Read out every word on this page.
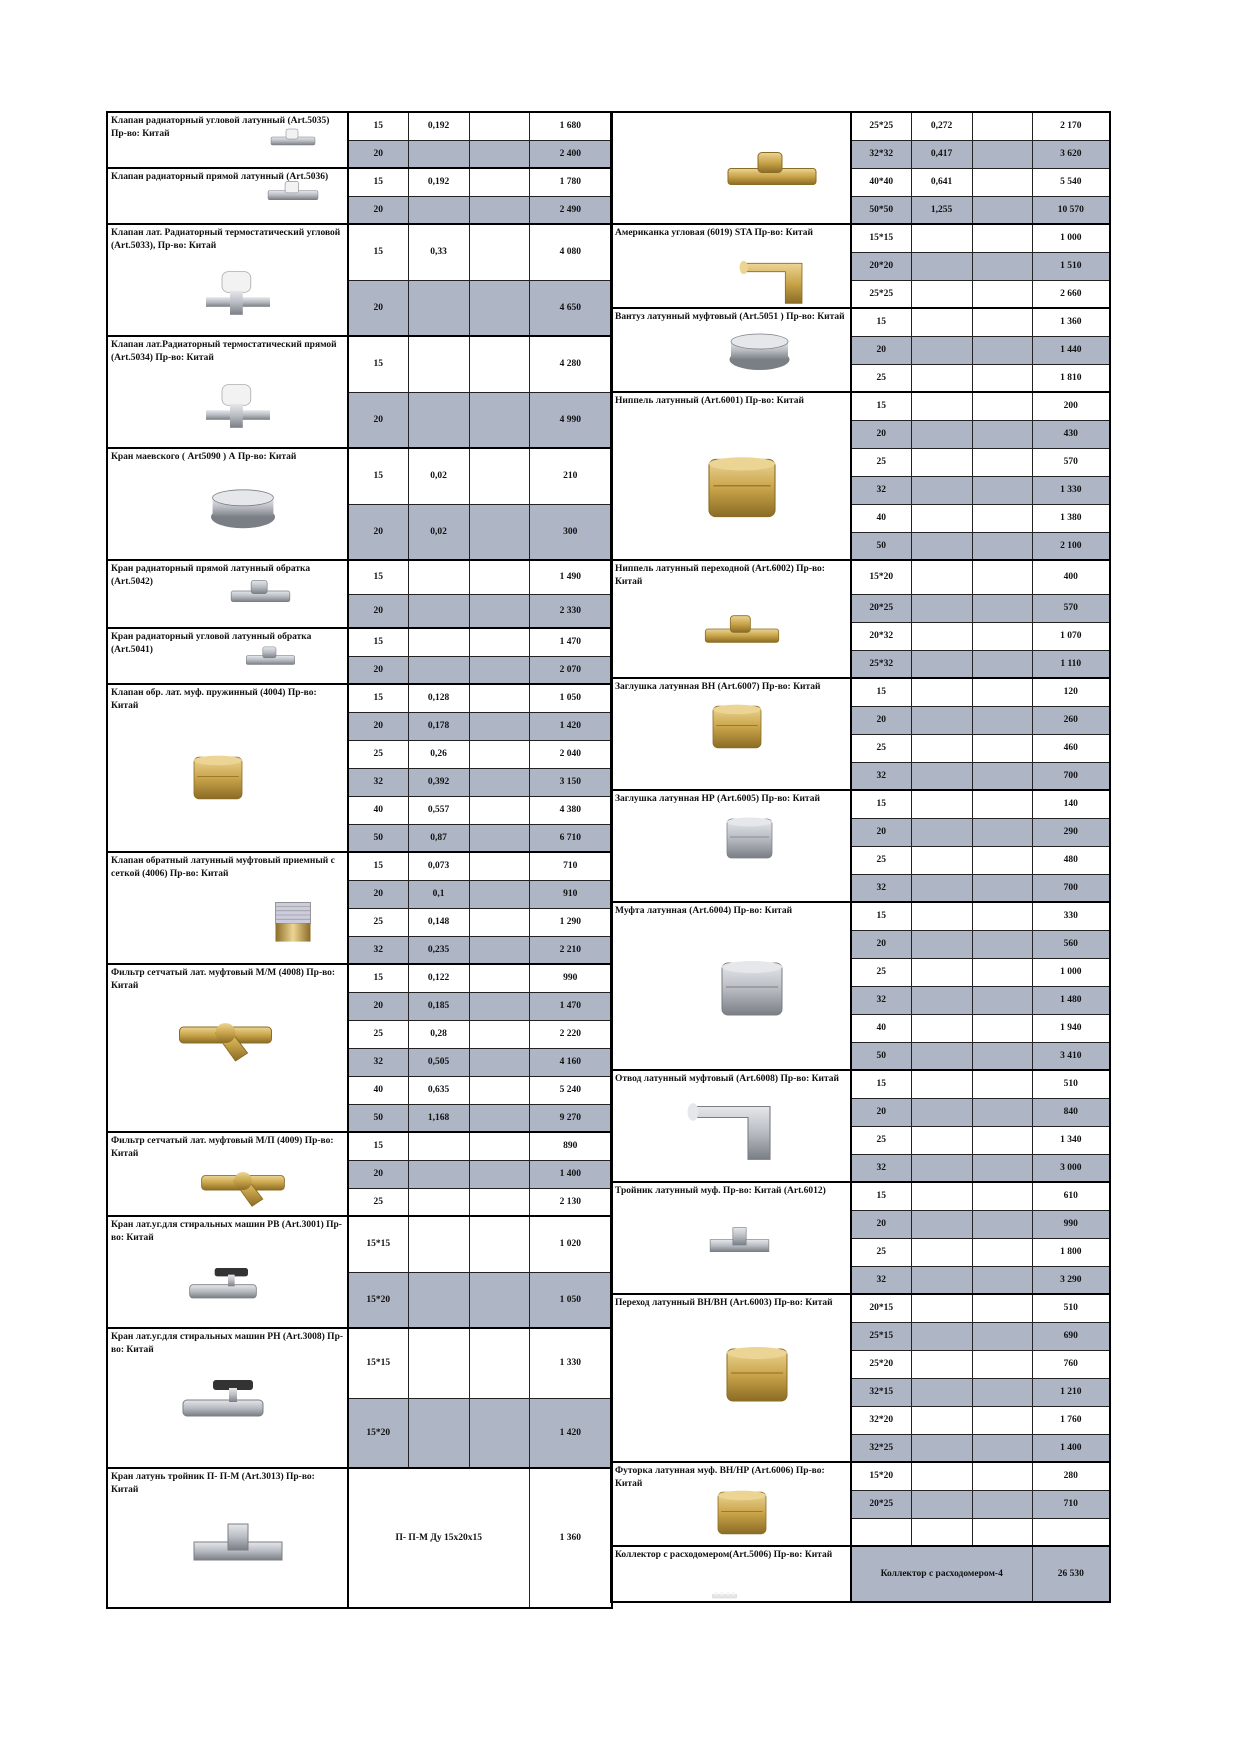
Клапан радиаторный угловой латунный (Art.5035) Пр-во: Китай	15	0,192		1 680
	20			2 400

Клапан радиаторный прямой латунный (Art.5036)	15	0,192		1 780
	20			2 490

Клапан лат. Радиаторный термостатический угловой (Art.5033), Пр-во: Китай	15	0,33		4 080
	20			4 650

Клапан лат.Радиаторный термостатический прямой (Art.5034) Пр-во: Китай	15			4 280
	20			4 990

Кран маевского ( Art5090 ) А Пр-во: Китай	15	0,02		210
	20	0,02		300

Кран радиаторный прямой латунный обратка (Art.5042)	15			1 490
	20			2 330

Кран радиаторный угловой латунный обратка (Art.5041)	15			1 470
	20			2 070

Клапан обр. лат. муф. пружинный (4004) Пр-во: Китай	15	0,128		1 050
	20	0,178		1 420
	25	0,26		2 040
	32	0,392		3 150
	40	0,557		4 380
	50	0,87		6 710

Клапан обратный латунный муфтовый приемный с сеткой (4006) Пр-во: Китай	15	0,073		710
	20	0,1		910
	25	0,148		1 290
	32	0,235		2 210

Фильтр сетчатый лат. муфтовый М/М (4008) Пр-во: Китай	15	0,122		990
	20	0,185		1 470
	25	0,28		2 220
	32	0,505		4 160
	40	0,635		5 240
	50	1,168		9 270

Фильтр сетчатый лат. муфтовый М/П (4009) Пр-во: Китай	15			890
	20			1 400
	25			2 130

Кран лат.уг.для стиральных машин РВ (Art.3001) Пр-во: Китай	15*15			1 020
	15*20			1 050

Кран лат.уг.для стиральных машин РН (Art.3008) Пр-во: Китай	15*15			1 330
	15*20			1 420

Кран латунь тройник П- П-М (Art.3013) Пр-во: Китай	П- П-М Ду 15х20х15			1 360
	25*25	0,272		2 170
	32*32	0,417		3 620
	40*40	0,641		5 540
	50*50	1,255		10 570

Американка угловая (6019) STA Пр-во: Китай	15*15			1 000
	20*20			1 510
	25*25			2 660

Вантуз латунный муфтовый (Art.5051 ) Пр-во: Китай	15			1 360
	20			1 440
	25			1 810

Ниппель латунный (Art.6001) Пр-во: Китай	15			200
	20			430
	25			570
	32			1 330
	40			1 380
	50			2 100

Ниппель латунный переходной (Art.6002) Пр-во: Китай	15*20			400
	20*25			570
	20*32			1 070
	25*32			1 110

Заглушка латунная ВН (Art.6007) Пр-во: Китай	15			120
	20			260
	25			460
	32			700

Заглушка латунная НР (Art.6005) Пр-во: Китай	15			140
	20			290
	25			480
	32			700

Муфта латунная (Art.6004) Пр-во: Китай	15			330
	20			560
	25			1 000
	32			1 480
	40			1 940
	50			3 410

Отвод латунный муфтовый (Art.6008) Пр-во: Китай	15			510
	20			840
	25			1 340
	32			3 000

Тройник латунный муф. Пр-во: Китай (Art.6012)	15			610
	20			990
	25			1 800
	32			3 290

Переход латунный ВН/ВН (Art.6003) Пр-во: Китай	20*15			510
	25*15			690
	25*20			760
	32*15			1 210
	32*20			1 760
	32*25			1 400

Футорка латунная муф. ВН/НР (Art.6006) Пр-во: Китай	15*20			280
	20*25			710

Коллектор с расходомером(Art.5006) Пр-во: Китай	Коллектор с расходомером-4			26 530
